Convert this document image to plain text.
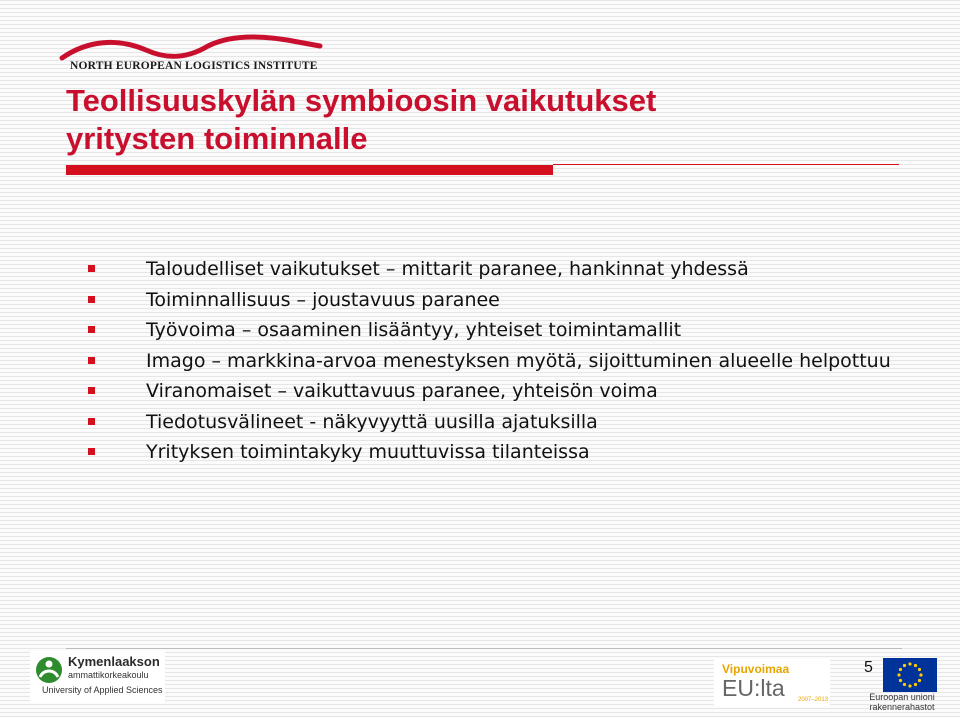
NORTH EUROPEAN LOGISTICS INSTITUTE
Teollisuuskylän symbioosin vaikutukset
yritysten toiminnalle
Taloudelliset vaikutukset – mittarit paranee, hankinnat yhdessä
Toiminnallisuus – joustavuus paranee
Työvoima – osaaminen lisääntyy, yhteiset toimintamallit
Imago – markkina-arvoa menestyksen myötä, sijoittuminen alueelle helpottuu
Viranomaiset – vaikuttavuus paranee, yhteisön voima
Tiedotusvälineet - näkyvyyttä uusilla ajatuksilla
Yrityksen toimintakyky muuttuvissa tilanteissa
Kymenlaakson
ammattikorkeakoulu
University of Applied Sciences
Vipuvoimaa
EU:lta 2007–2013
5
Euroopan unioni
rakennerahastot
